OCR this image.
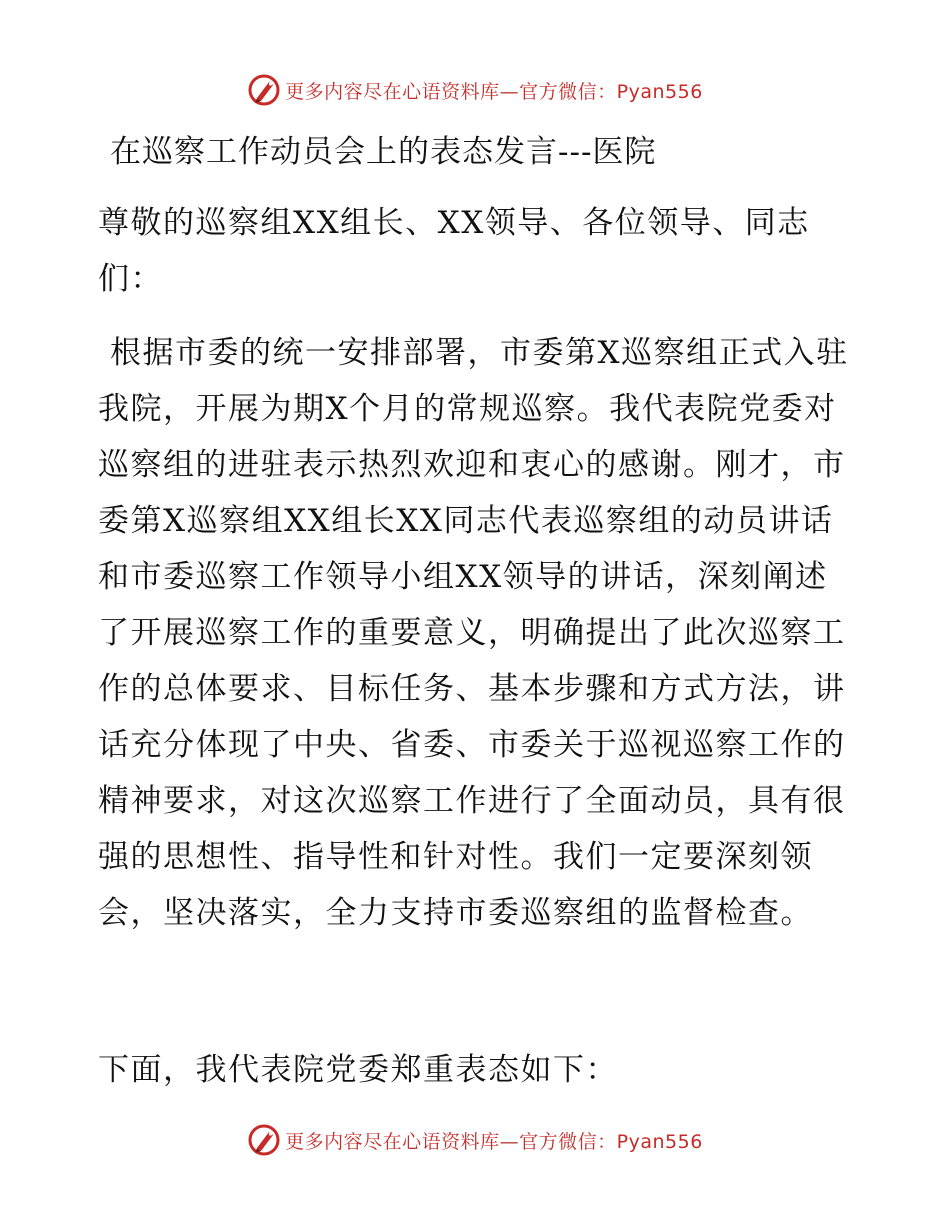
更多内容尽在心语资料库—官方微信：Pyan556
在巡察工作动员会上的表态发言---医院

尊敬的巡察组XX组长、XX领导、各位领导、同志们：

根据市委的统一安排部署，市委第X巡察组正式入驻我院，开展为期X个月的常规巡察。我代表院党委对巡察组的进驻表示热烈欢迎和衷心的感谢。刚才，市委第X巡察组XX组长XX同志代表巡察组的动员讲话和市委巡察工作领导小组XX领导的讲话，深刻阐述了开展巡察工作的重要意义，明确提出了此次巡察工作的总体要求、目标任务、基本步骤和方式方法，讲话充分体现了中央、省委、市委关于巡视巡察工作的精神要求，对这次巡察工作进行了全面动员，具有很强的思想性、指导性和针对性。我们一定要深刻领会，坚决落实，全力支持市委巡察组的监督检查。

下面，我代表院党委郑重表态如下：

更多内容尽在心语资料库—官方微信：Pyan556
